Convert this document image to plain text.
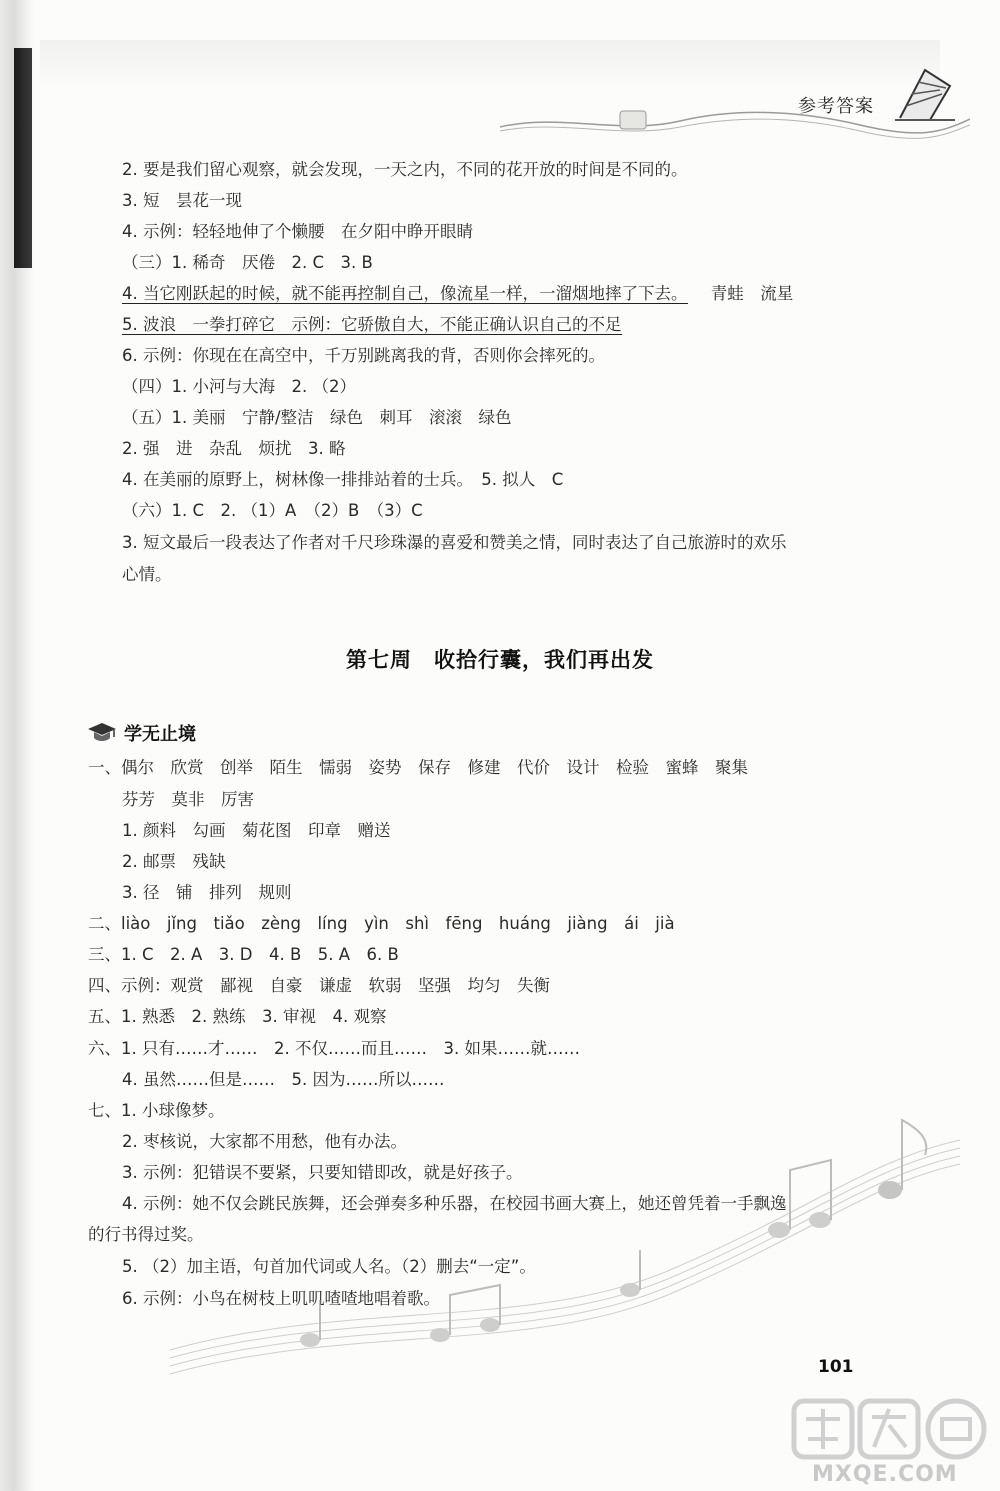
参考答案
2. 要是我们留心观察，就会发现，一天之内，不同的花开放的时间是不同的。
3. 短　昙花一现
4. 示例：轻轻地伸了个懒腰　在夕阳中睁开眼睛
（三）1. 稀奇　厌倦　2. C　3. B
4. 当它刚跃起的时候，就不能再控制自己，像流星一样，一溜烟地摔了下去。 青蛙　流星
5. 波浪　一拳打碎它　示例：它骄傲自大，不能正确认识自己的不足
6. 示例：你现在在高空中，千万别跳离我的背，否则你会摔死的。
（四）1. 小河与大海　2. （2）
（五）1. 美丽　宁静/整洁　绿色　刺耳　滚滚　绿色
2. 强　进　杂乱　烦扰　3. 略
4. 在美丽的原野上，树林像一排排站着的士兵。　5. 拟人　C
（六）1. C　2. （1）A　（2）B　（3）C
3. 短文最后一段表达了作者对千尺珍珠瀑的喜爱和赞美之情，同时表达了自己旅游时的欢乐
心情。
第七周　收拾行囊，我们再出发
学无止境
一、偶尔　欣赏　创举　陌生　懦弱　姿势　保存　修建　代价　设计　检验　蜜蜂　聚集
芬芳　莫非　厉害
1. 颜料　勾画　菊花图　印章　赠送
2. 邮票　残缺
3. 径　铺　排列　规则
二、liào　jǐng　tiǎo　zèng　líng　yìn　shì　fēng　huáng　jiàng　ái　jià
三、1. C　2. A　3. D　4. B　5. A　6. B
四、示例：观赏　鄙视　自豪　谦虚　软弱　坚强　均匀　失衡
五、1. 熟悉　2. 熟练　3. 审视　4. 观察
六、1. 只有……才……　2. 不仅……而且……　3. 如果……就……
4. 虽然……但是……　5. 因为……所以……
七、1. 小球像梦。
2. 枣核说，大家都不用愁，他有办法。
3. 示例：犯错误不要紧，只要知错即改，就是好孩子。
4. 示例：她不仅会跳民族舞，还会弹奏多种乐器，在校园书画大赛上，她还曾凭着一手飘逸
的行书得过奖。
5. （2）加主语，句首加代词或人名。（2）删去“一定”。
6. 示例：小鸟在树枝上叽叽喳喳地唱着歌。
101
MXQE.COM
